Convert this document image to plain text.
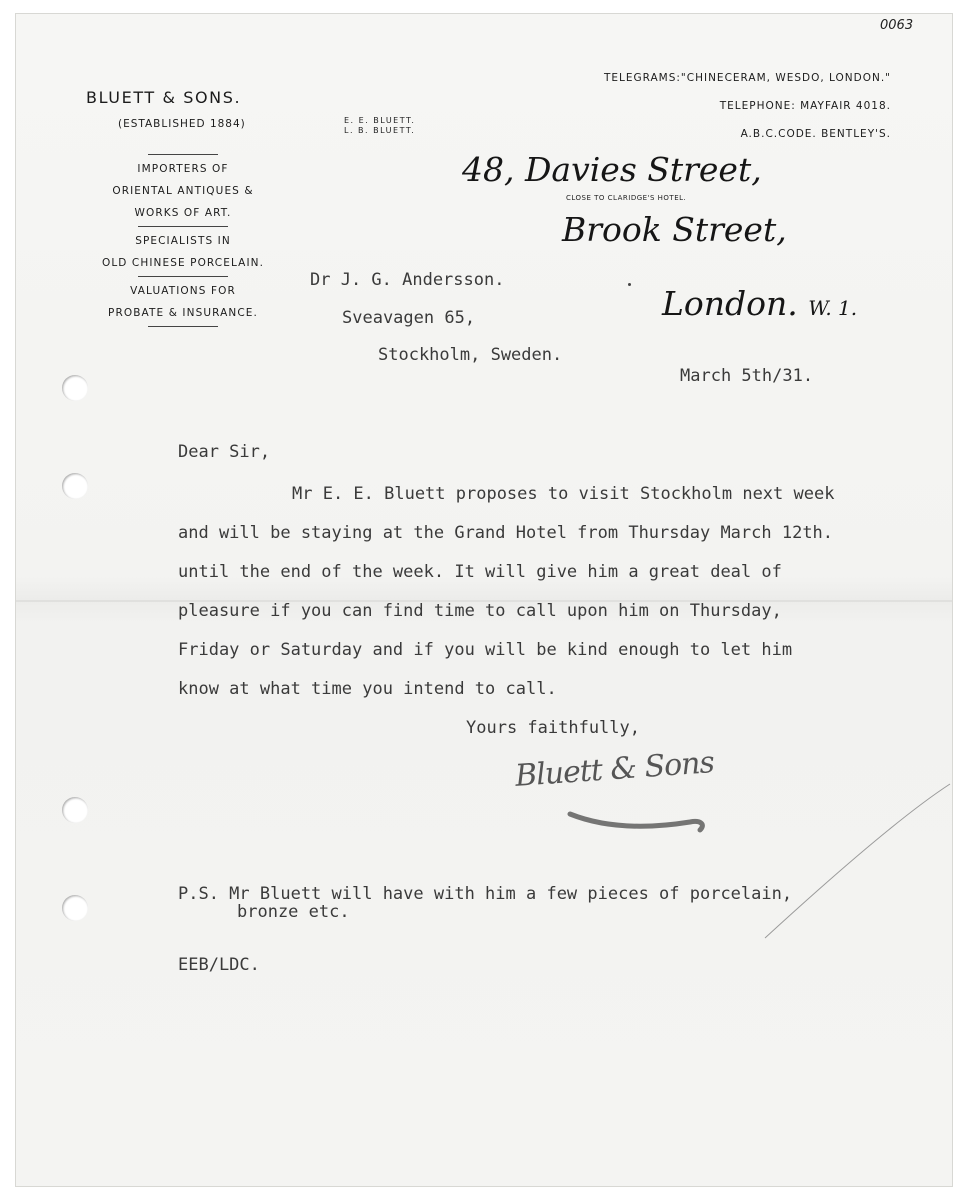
0063
BLUETT & SONS.
(ESTABLISHED 1884)
IMPORTERS OF
ORIENTAL ANTIQUES &
WORKS OF ART.
SPECIALISTS IN
OLD CHINESE PORCELAIN.
VALUATIONS FOR
PROBATE & INSURANCE.
E. E. BLUETT.
L. B. BLUETT.
TELEGRAMS:"CHINECERAM, WESDO, LONDON."
TELEPHONE: MAYFAIR 4018.
A.B.C.CODE. BENTLEY'S.
48, Davies Street,
CLOSE TO CLARIDGE'S HOTEL.
Brook Street,
London. W. 1.
Dr J. G. Andersson.
Sveavagen 65,
Stockholm, Sweden.
March 5th/31.
Dear Sir,
Mr E. E. Bluett proposes to visit Stockholm next week
and will be staying at the Grand Hotel from Thursday March 12th.
until the end of the week. It will give him a great deal of
pleasure if you can find time to call upon him on Thursday,
Friday or Saturday and if you will be kind enough to let him
know at what time you intend to call.
Yours faithfully,
Bluett & Sons
P.S. Mr Bluett will have with him a few pieces of porcelain,
bronze etc.
EEB/LDC.
